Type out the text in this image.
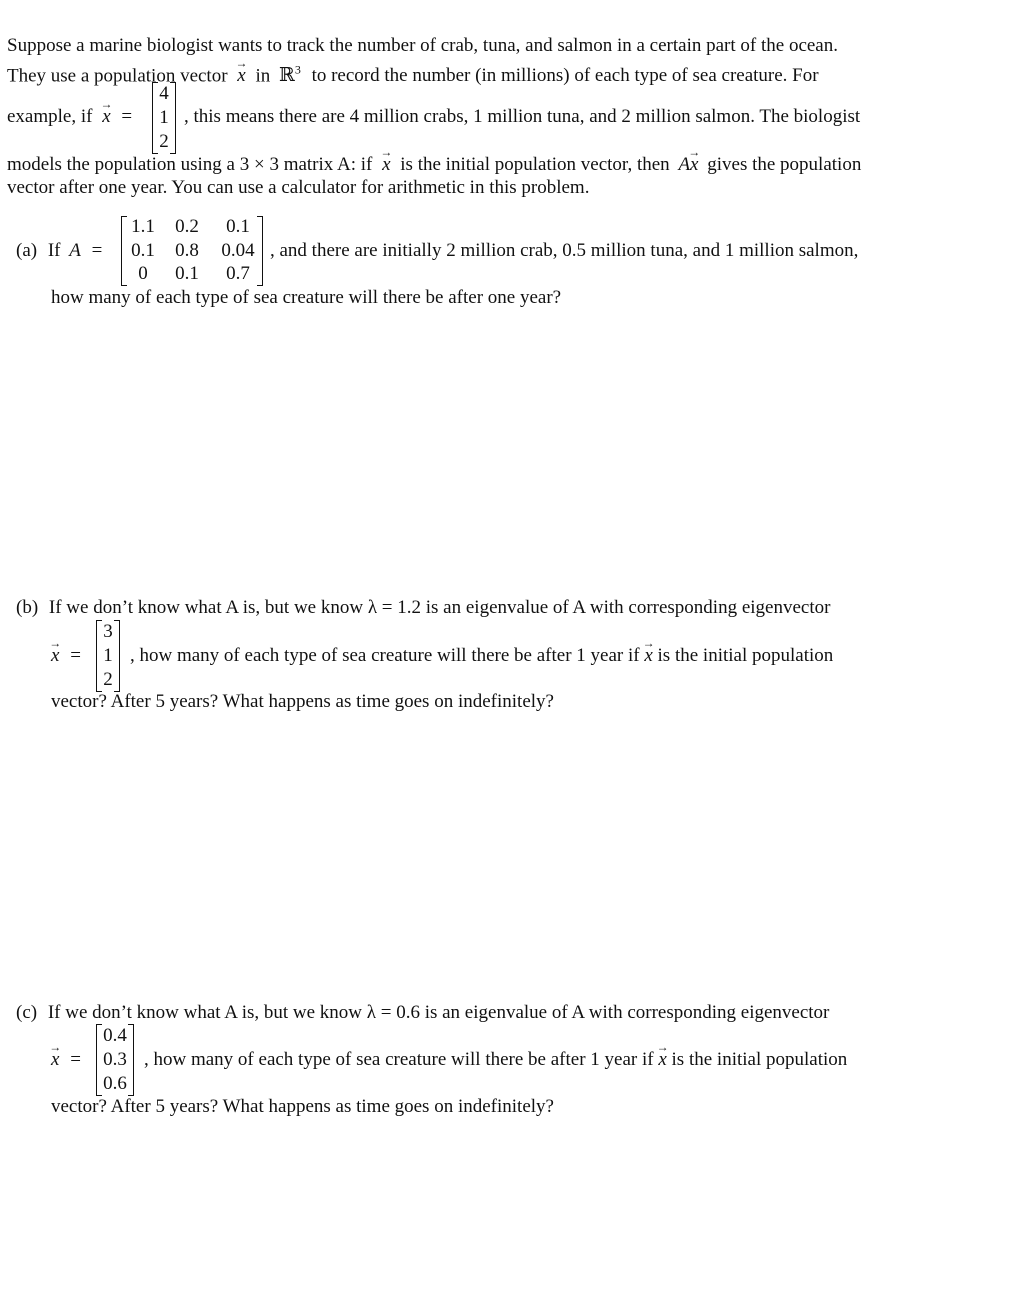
Suppose a marine biologist wants to track the number of crab, tuna, and salmon in a certain part of the ocean.
They use a population vector → x in ℝ$^3$ to record the number (in millions) of each type of sea creature. For
example, if → x =
4
1
2
, this means there are 4 million crabs, 1 million tuna, and 2 million salmon. The biologist
models the population using a 3 × 3 matrix A: if → x is the initial population vector, then A→ x gives the population
vector after one year. You can use a calculator for arithmetic in this problem.
(a) If A =
1.1 0.2	0.1
0.1 0.8 0.04
0	0.1	0.7
, and there are initially 2 million crab, 0.5 million tuna, and 1 million salmon,
how many of each type of sea creature will there be after one year?
(b) If we don’t know what A is, but we know λ = 1.2 is an eigenvalue of A with corresponding eigenvector
→ x =
3
1
2
, how many of each type of sea creature will there be after 1 year if → x is the initial population
vector? After 5 years? What happens as time goes on indefinitely?
(c) If we don’t know what A is, but we know λ = 0.6 is an eigenvalue of A with corresponding eigenvector
→ x =
0.4
0.3
0.6
, how many of each type of sea creature will there be after 1 year if → x is the initial population
vector? After 5 years? What happens as time goes on indefinitely?
